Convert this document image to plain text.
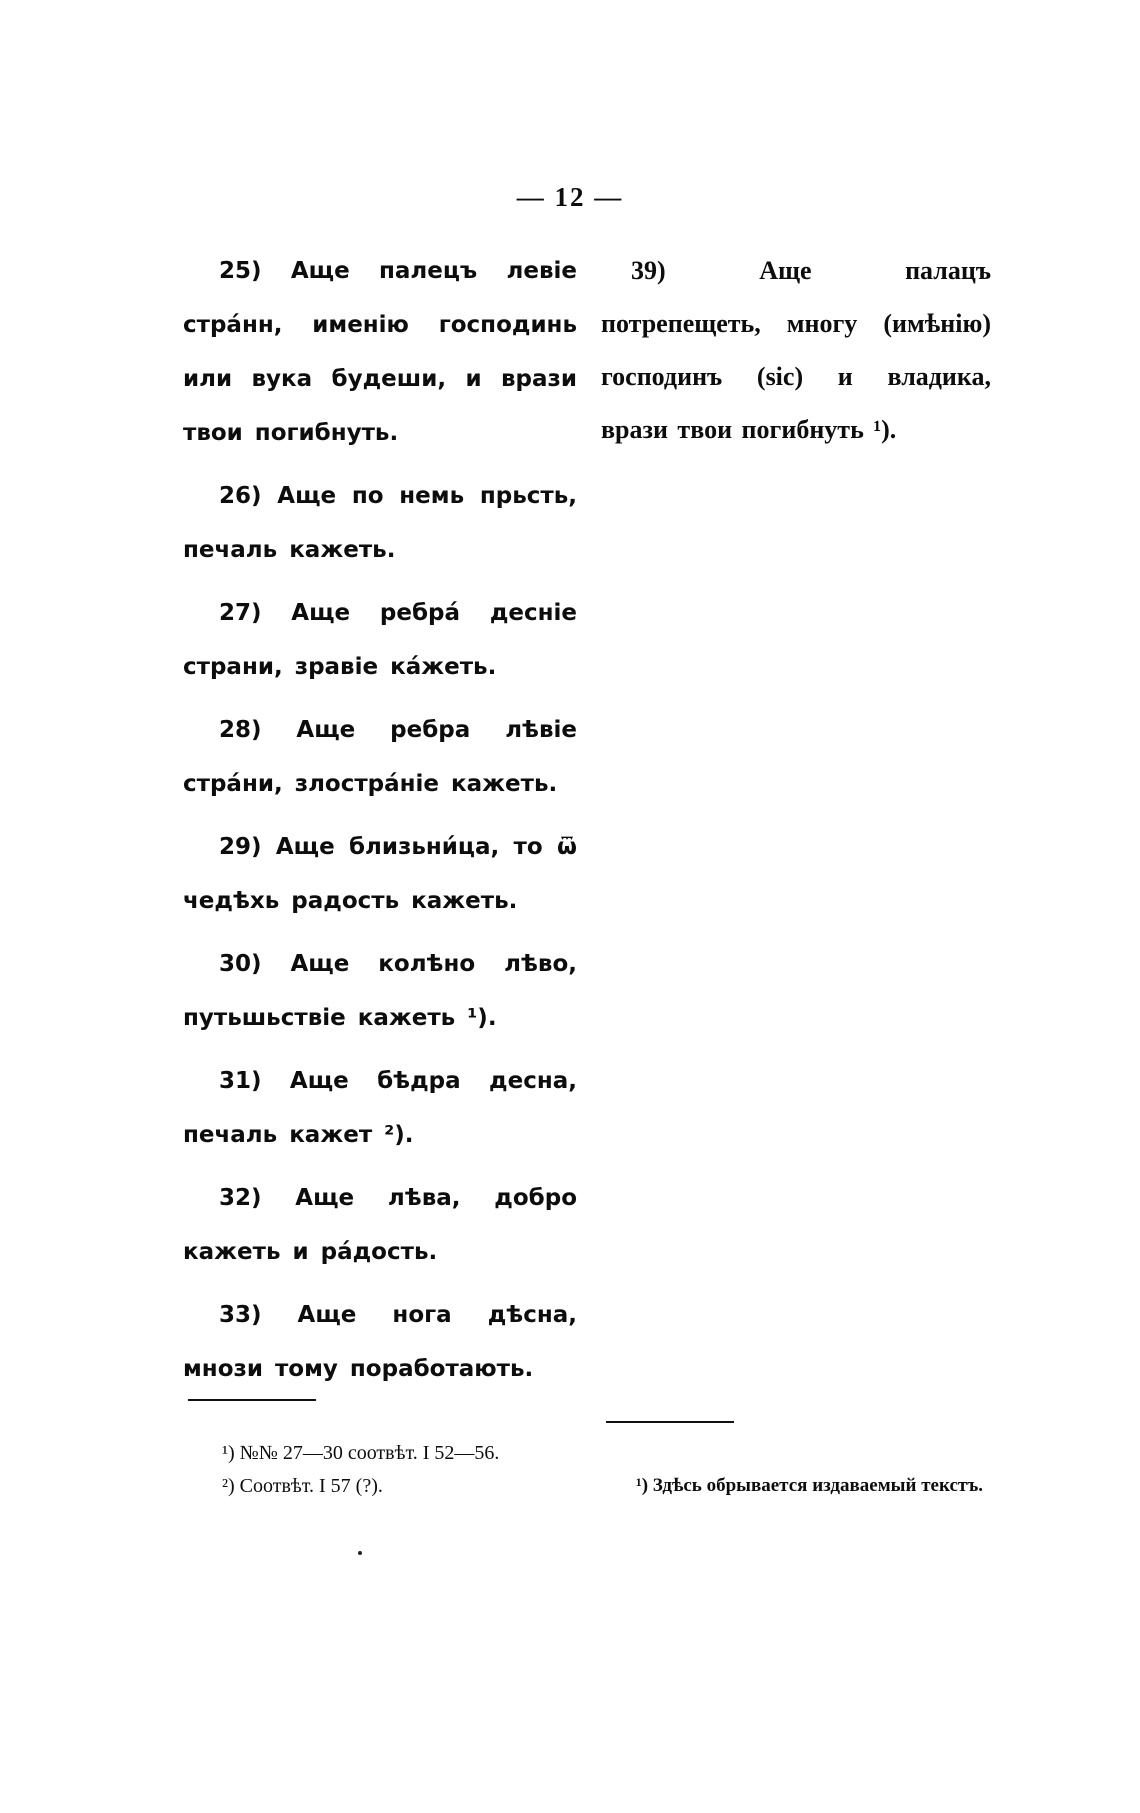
— 12 —

25) Аще палецъ левіе стра́нн, именію господинь или вука будеши, и врази твои погибнуть.

26) Аще по немь прьсть, печаль кажеть.

27) Аще ребра́ десніе страни, зравіе ка́жеть.

28) Аще ребра лѣвіе стра́ни, злостра́ніе кажеть.

29) Аще близьни́ца, то ѿ чедѣхь радость кажеть.

30) Аще колѣно лѣво, путьшьствіе кажеть ¹).

31) Аще бѣдра десна, печаль кажет ²).

32) Аще лѣва, добро кажеть и ра́дость.

33) Аще нога дѣсна, мнози тому поработають.

39) Аще палацъ потрепещеть, многу (имѣнію) господинъ (sic) и владика, врази твои погибнуть ¹).

¹) №№ 27—30 соотвѣт. I 52—56.

²) Соотвѣт. I 57 (?).	¹) Здѣсь обрывается издаваемый текстъ.
